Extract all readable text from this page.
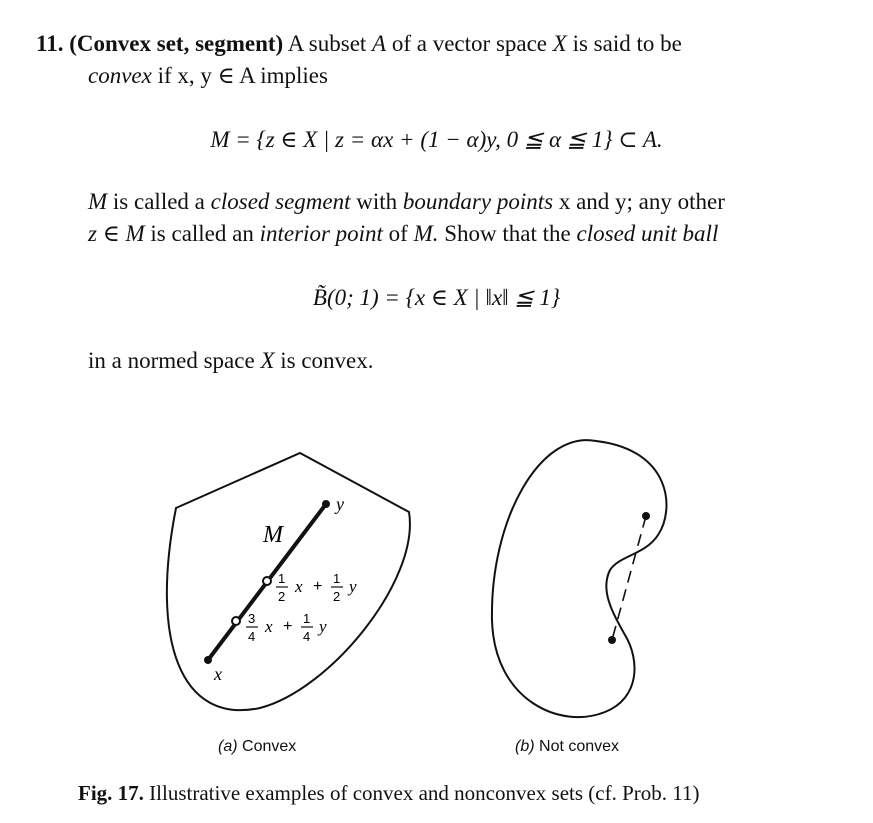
11. (Convex set, segment) A subset A of a vector space X is said to be
convex if x, y ∈ A implies
M = {z ∈ X | z = αx + (1 − α)y, 0 ≦ α ≦ 1} ⊂ A.
M is called a closed segment with boundary points x and y; any other
z ∈ M is called an interior point of M. Show that the closed unit ball
B̃(0; 1) = {x ∈ X | ‖x‖ ≦ 1}
in a normed space X is convex.
M
y
x
1
2
x + 1
2
y
3
4
x + 1
4
y
(a) Convex	(b) Not convex
Fig. 17. Illustrative examples of convex and nonconvex sets (cf. Prob. 11)
